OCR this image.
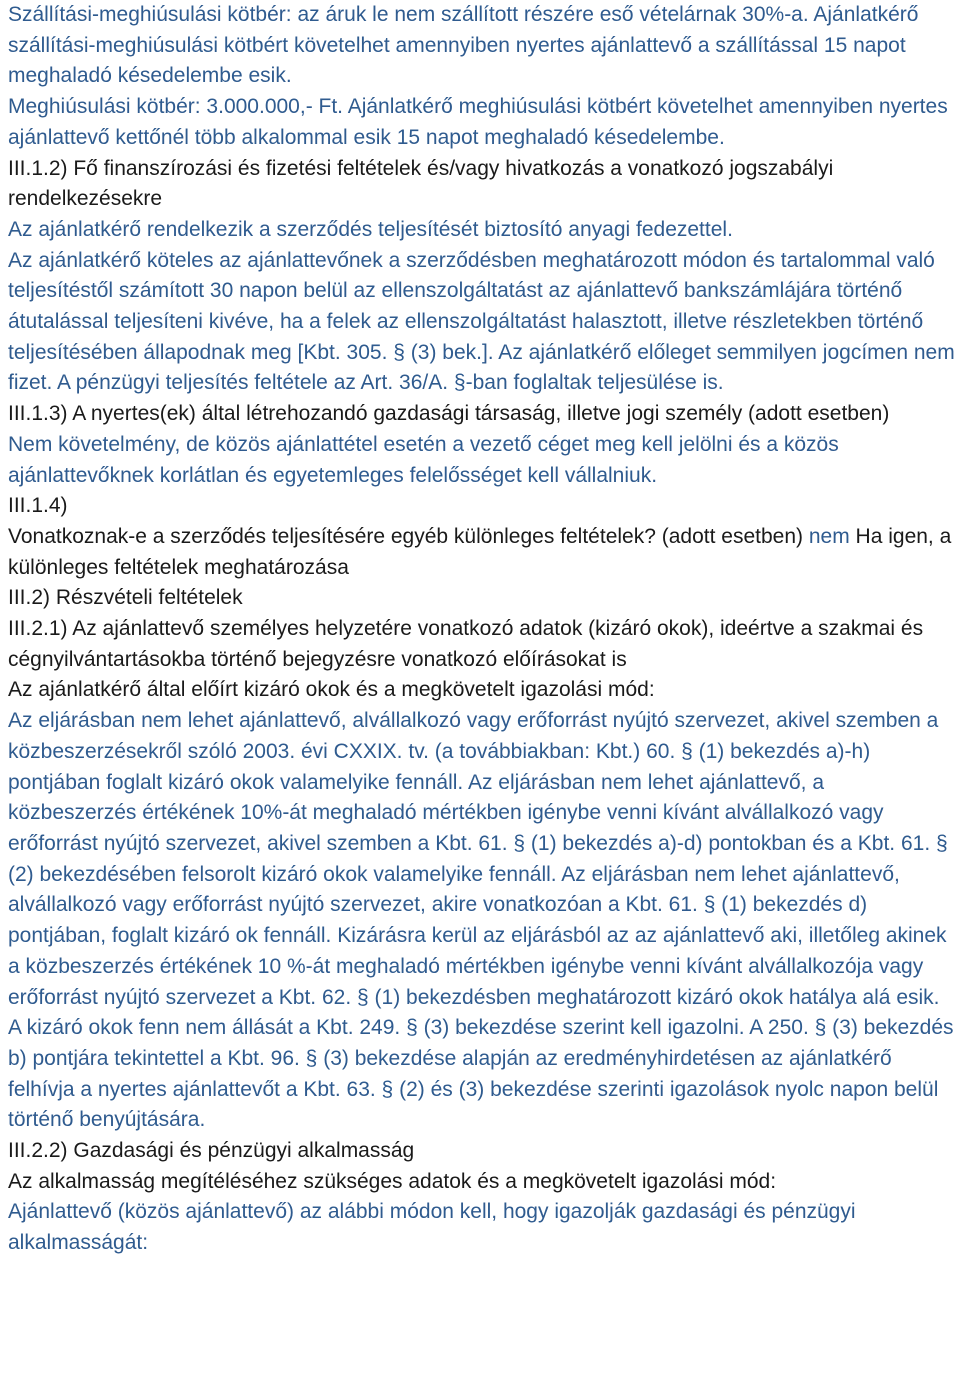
Szállítási-meghiúsulási kötbér: az áruk le nem szállított részére eső vételárnak 30%-a. Ajánlatkérő szállítási-meghiúsulási kötbért követelhet amennyiben nyertes ajánlattevő a szállítással 15 napot meghaladó késedelembe esik.

Meghiúsulási kötbér: 3.000.000,- Ft. Ajánlatkérő meghiúsulási kötbért követelhet amennyiben nyertes ajánlattevő kettőnél több alkalommal esik 15 napot meghaladó késedelembe.

III.1.2) Fő finanszírozási és fizetési feltételek és/vagy hivatkozás a vonatkozó jogszabályi rendelkezésekre

Az ajánlatkérő rendelkezik a szerződés teljesítését biztosító anyagi fedezettel.

Az ajánlatkérő köteles az ajánlattevőnek a szerződésben meghatározott módon és tartalommal való teljesítéstől számított 30 napon belül az ellenszolgáltatást az ajánlattevő bankszámlájára történő átutalással teljesíteni kivéve, ha a felek az ellenszolgáltatást halasztott, illetve részletekben történő teljesítésében állapodnak meg [Kbt. 305. § (3) bek.]. Az ajánlatkérő előleget semmilyen jogcímen nem fizet. A pénzügyi teljesítés feltétele az Art. 36/A. §-ban foglaltak teljesülése is.

III.1.3) A nyertes(ek) által létrehozandó gazdasági társaság, illetve jogi személy (adott esetben)

Nem követelmény, de közös ajánlattétel esetén a vezető céget meg kell jelölni és a közös ajánlattevőknek korlátlan és egyetemleges felelősséget kell vállalniuk.

III.1.4)

Vonatkoznak-e a szerződés teljesítésére egyéb különleges feltételek? (adott esetben) nem Ha igen, a különleges feltételek meghatározása

III.2) Részvételi feltételek

III.2.1) Az ajánlattevő személyes helyzetére vonatkozó adatok (kizáró okok), ideértve a szakmai és cégnyilvántartásokba történő bejegyzésre vonatkozó előírásokat is

Az ajánlatkérő által előírt kizáró okok és a megkövetelt igazolási mód:

Az eljárásban nem lehet ajánlattevő, alvállalkozó vagy erőforrást nyújtó szervezet, akivel szemben a közbeszerzésekről szóló 2003. évi CXXIX. tv. (a továbbiakban: Kbt.) 60. § (1) bekezdés a)-h) pontjában foglalt kizáró okok valamelyike fennáll. Az eljárásban nem lehet ajánlattevő, a közbeszerzés értékének 10%-át meghaladó mértékben igénybe venni kívánt alvállalkozó vagy erőforrást nyújtó szervezet, akivel szemben a Kbt. 61. § (1) bekezdés a)-d) pontokban és a Kbt. 61. § (2) bekezdésében felsorolt kizáró okok valamelyike fennáll. Az eljárásban nem lehet ajánlattevő, alvállalkozó vagy erőforrást nyújtó szervezet, akire vonatkozóan a Kbt. 61. § (1) bekezdés d) pontjában, foglalt kizáró ok fennáll. Kizárásra kerül az eljárásból az az ajánlattevő aki, illetőleg akinek a közbeszerzés értékének 10 %-át meghaladó mértékben igénybe venni kívánt alvállalkozója vagy erőforrást nyújtó szervezet a Kbt. 62. § (1) bekezdésben meghatározott kizáró okok hatálya alá esik. A kizáró okok fenn nem állását a Kbt. 249. § (3) bekezdése szerint kell igazolni. A 250. § (3) bekezdés b) pontjára tekintettel a Kbt. 96. § (3) bekezdése alapján az eredményhirdetésen az ajánlatkérő felhívja a nyertes ajánlattevőt a Kbt. 63. § (2) és (3) bekezdése szerinti igazolások nyolc napon belül történő benyújtására.

III.2.2) Gazdasági és pénzügyi alkalmasság

Az alkalmasság megítéléséhez szükséges adatok és a megkövetelt igazolási mód:

Ajánlattevő (közös ajánlattevő) az alábbi módon kell, hogy igazolják gazdasági és pénzügyi alkalmasságát:
